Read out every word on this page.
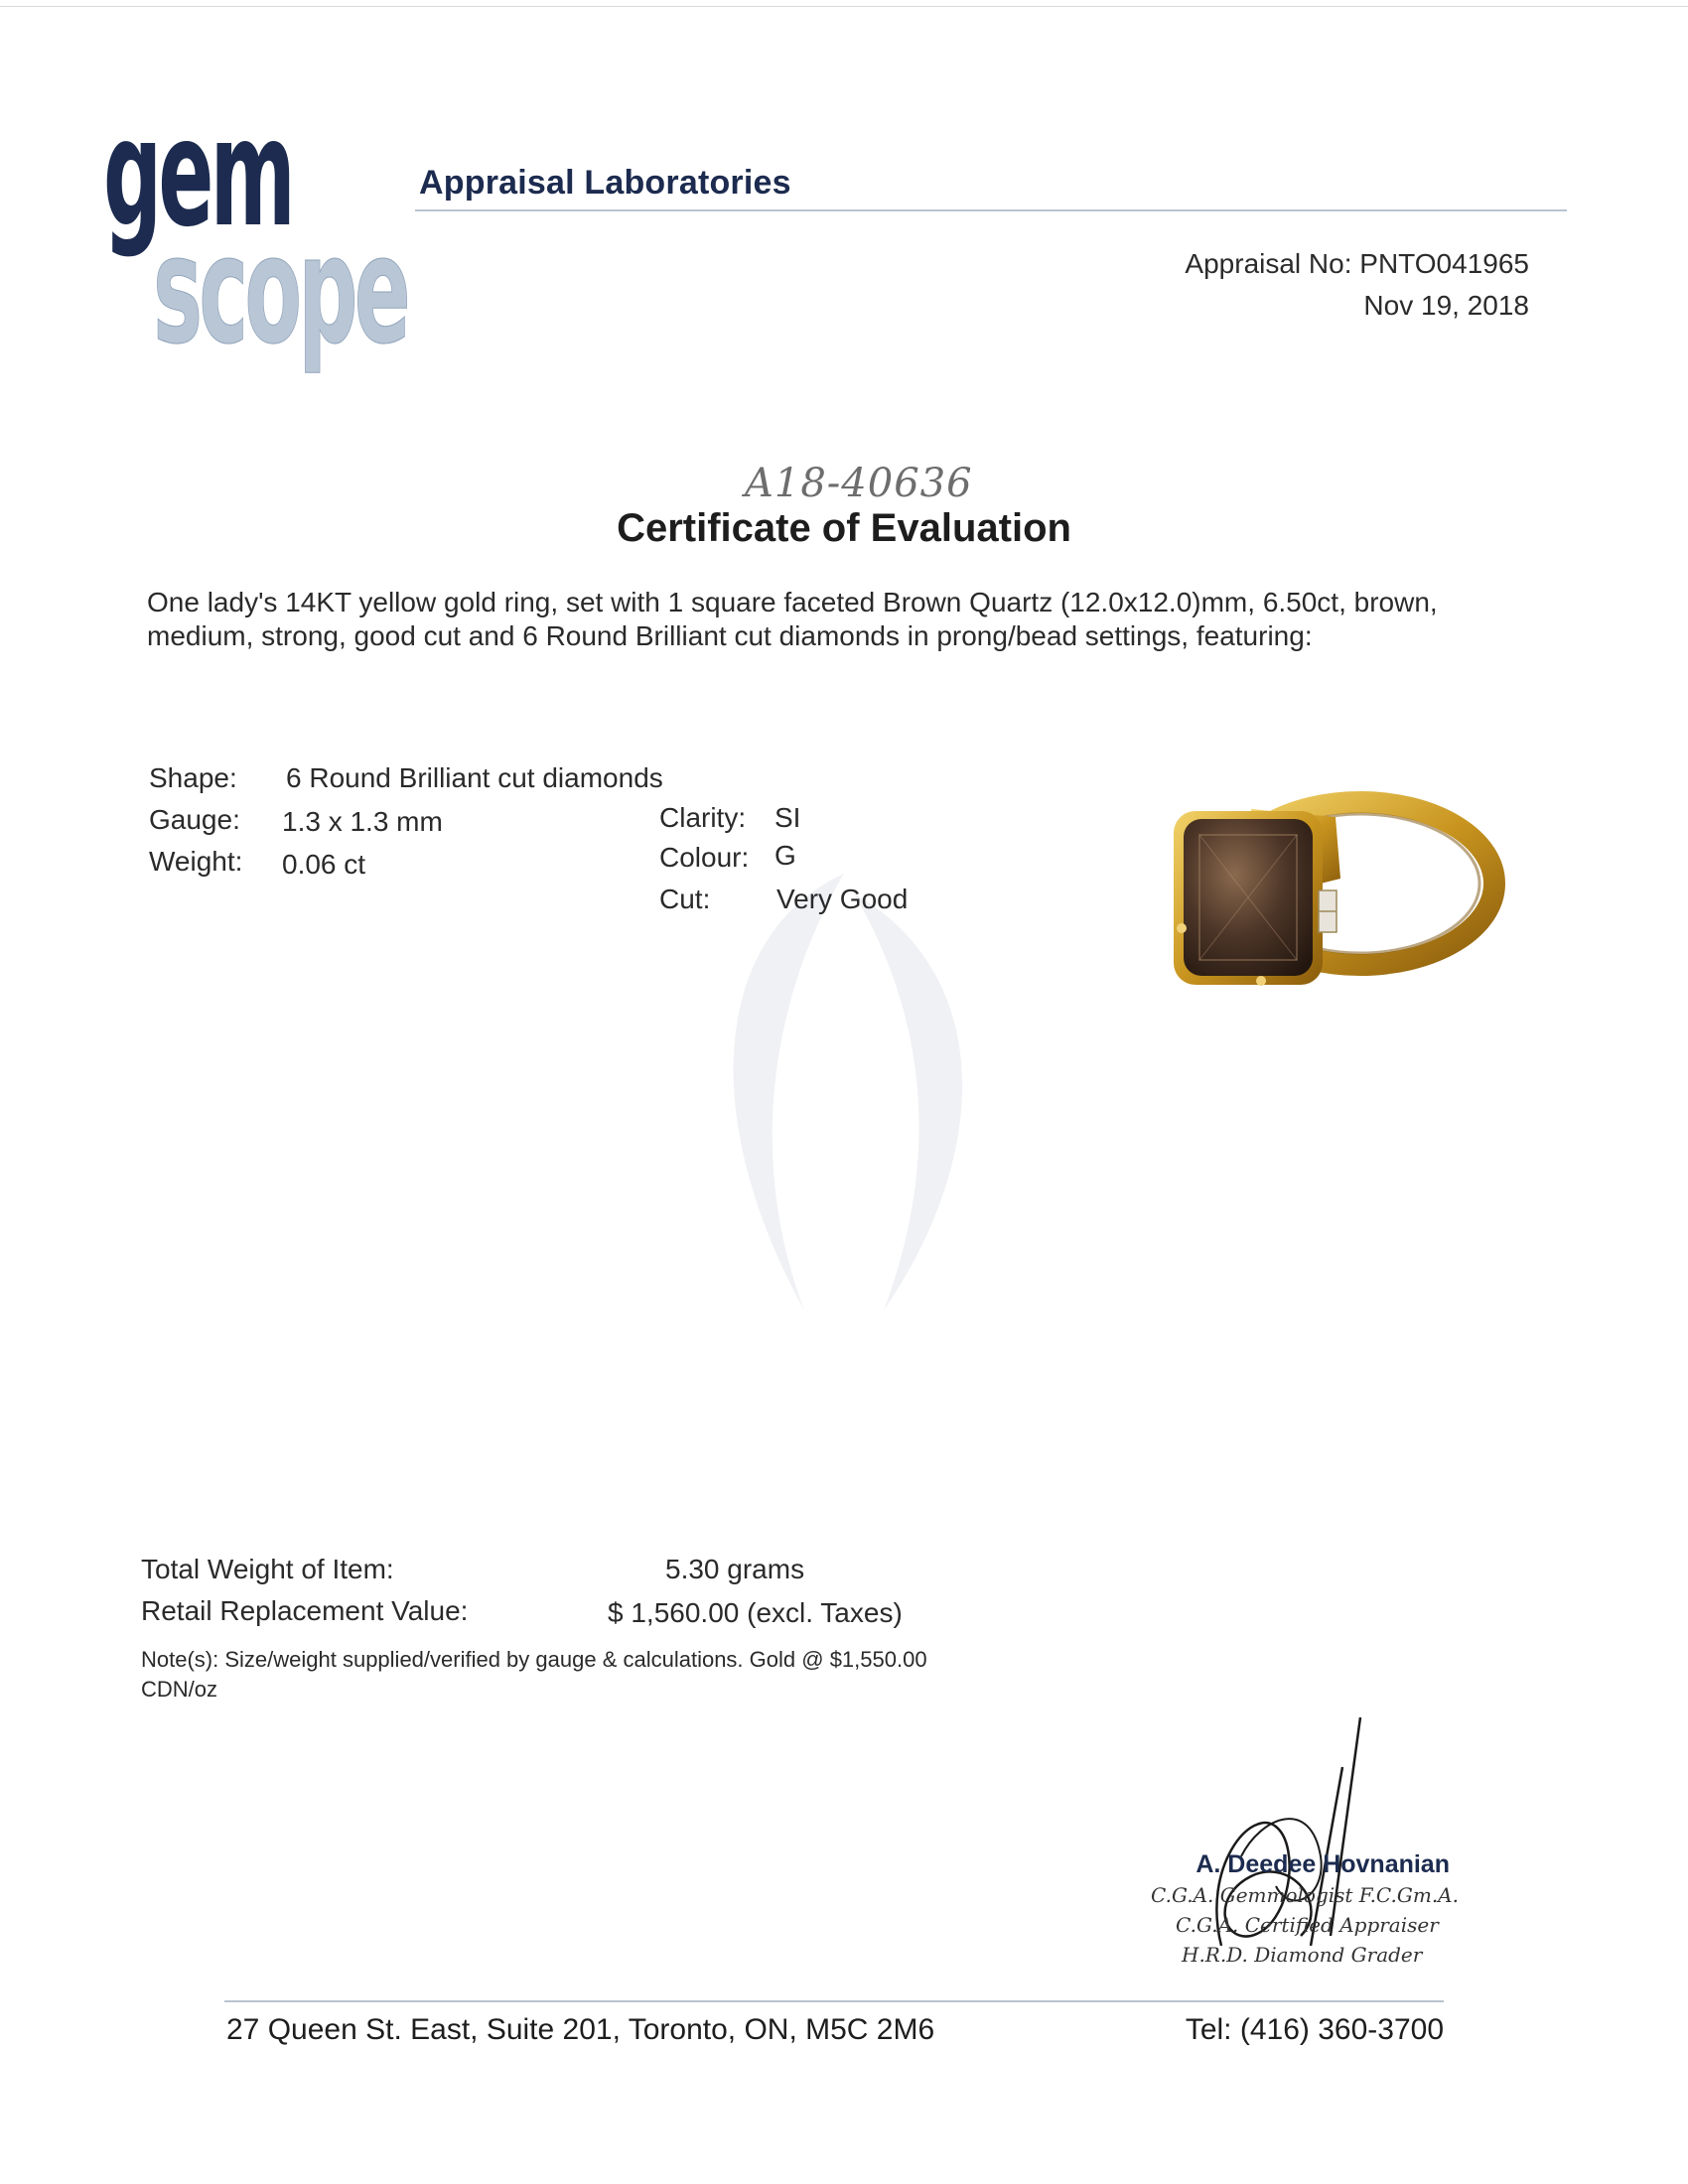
gem
scope
Appraisal Laboratories
Appraisal No: PNTO041965
Nov 19, 2018
A18-40636
Certificate of Evaluation
One lady's 14KT yellow gold ring, set with 1 square faceted Brown Quartz (12.0x12.0)mm, 6.50ct, brown, medium, strong, good cut and 6 Round Brilliant cut diamonds in prong/bead settings, featuring:
Shape: 6 Round Brilliant cut diamonds
Gauge: 1.3 x 1.3 mm
Weight: 0.06 ct
Clarity: SI
Colour: G
Cut: Very Good
Total Weight of Item:	5.30 grams
Retail Replacement Value:	$ 1,560.00 (excl. Taxes)
Note(s): Size/weight supplied/verified by gauge & calculations. Gold @ $1,550.00 CDN/oz
A. Deedee Hovnanian
C.G.A. Gemmologist F.C.Gm.A.
C.G.A. Certified Appraiser
H.R.D. Diamond Grader
27 Queen St. East, Suite 201, Toronto, ON, M5C 2M6	Tel: (416) 360-3700
